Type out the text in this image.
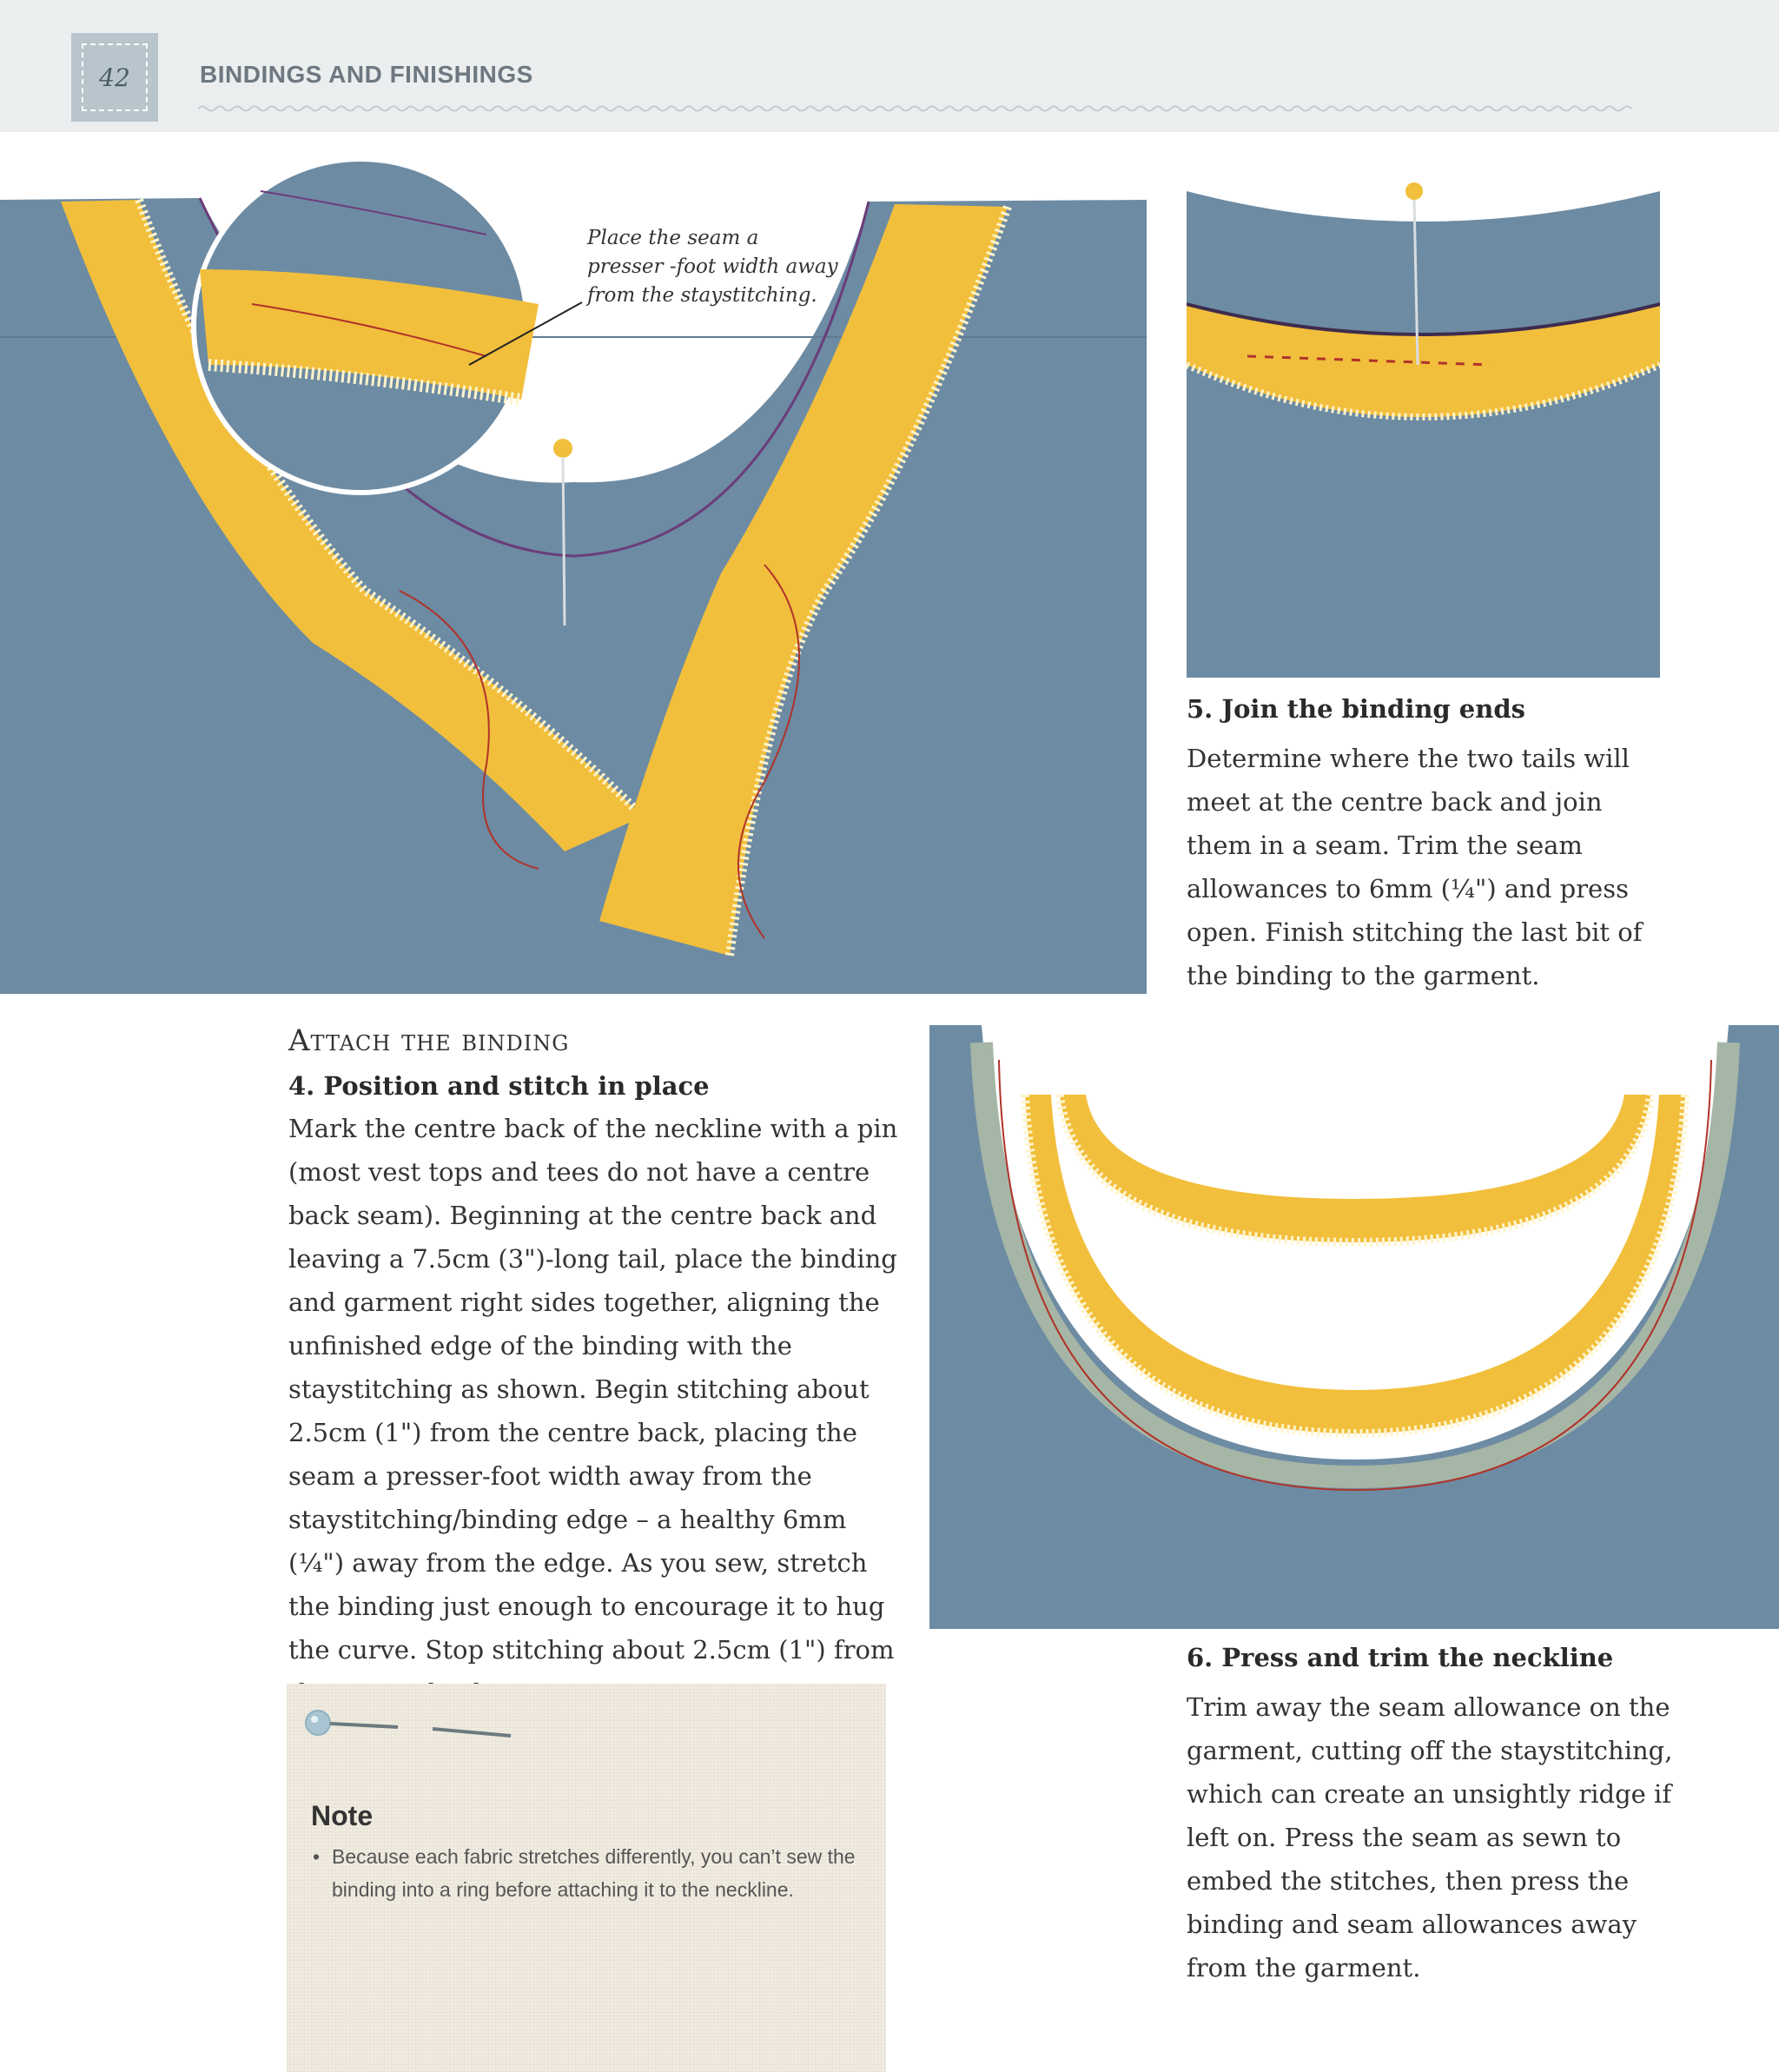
42	BINDINGS AND FINISHINGS
Place the seam a presser -foot width away from the staystitching.
5. Join the binding ends
Determine where the two tails will meet at the centre back and join them in a seam. Trim the seam allowances to 6mm (¼") and press open. Finish stitching the last bit of the binding to the garment.
Attach the binding
4. Position and stitch in place
Mark the centre back of the neckline with a pin (most vest tops and tees do not have a centre back seam). Beginning at the centre back and leaving a 7.5cm (3")-long tail, place the binding and garment right sides together, aligning the unfinished edge of the binding with the staystitching as shown. Begin stitching about 2.5cm (1") from the centre back, placing the seam a presser-foot width away from the staystitching/binding edge – a healthy 6mm (¼") away from the edge. As you sew, stretch the binding just enough to encourage it to hug the curve. Stop stitching about 2.5cm (1") from	6. Press and trim the neckline
Trim away the seam allowance on the garment, cutting off the staystitching, which can create an unsightly ridge if left on. Press the seam as sewn to embed the stitches, then press the binding and seam allowances away from the garment.
Note
• Because each fabric stretches differently, you can’t sew the binding into a ring before attaching it to the neckline.
